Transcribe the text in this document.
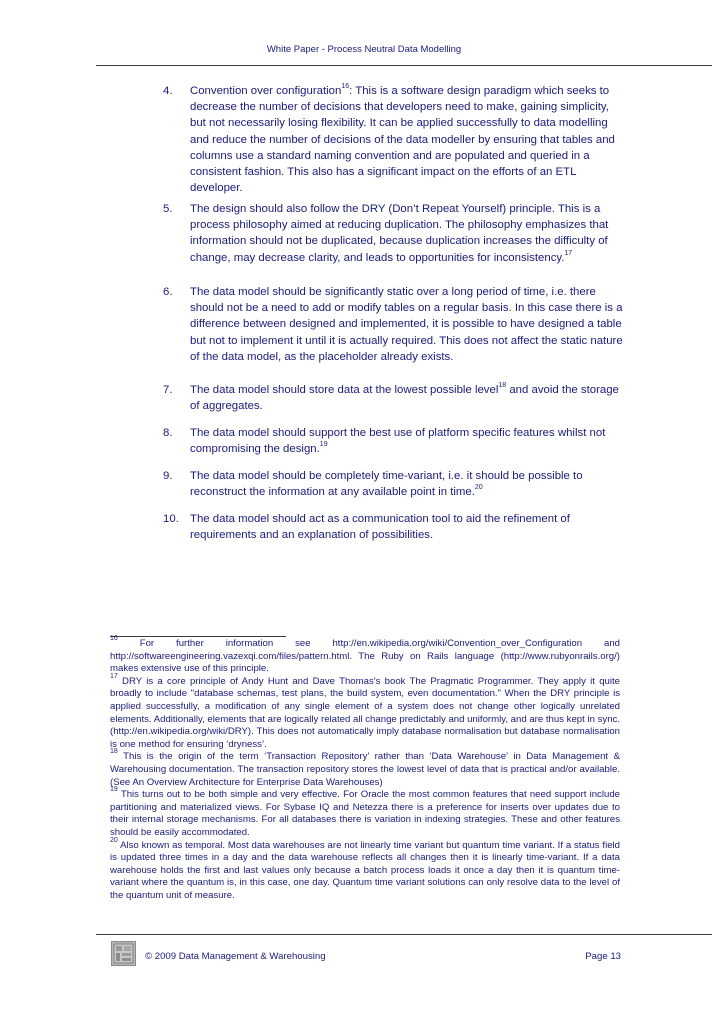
White Paper - Process Neutral Data Modelling
4.	Convention over configuration$^{16}$: This is a software design paradigm which seeks to decrease the number of decisions that developers need to make, gaining simplicity, but not necessarily losing flexibility. It can be applied successfully to data modelling and reduce the number of decisions of the data modeller by ensuring that tables and columns use a standard naming convention and are populated and queried in a consistent fashion. This also has a significant impact on the efforts of an ETL developer.
5.	The design should also follow the DRY (Don’t Repeat Yourself) principle. This is a process philosophy aimed at reducing duplication. The philosophy emphasizes that information should not be duplicated, because duplication increases the difficulty of change, may decrease clarity, and leads to opportunities for inconsistency.$^{17}$
6.	The data model should be significantly static over a long period of time, i.e. there should not be a need to add or modify tables on a regular basis. In this case there is a difference between designed and implemented, it is possible to have designed a table but not to implement it until it is actually required. This does not affect the static nature of the data model, as the placeholder already exists.
7.	The data model should store data at the lowest possible level$^{18}$ and avoid the storage of aggregates.
8.	The data model should support the best use of platform specific features whilst not compromising the design.$^{19}$
9.	The data model should be completely time-variant, i.e. it should be possible to reconstruct the information at any available point in time.$^{20}$
10. The data model should act as a communication tool to aid the refinement of requirements and an explanation of possibilities.

$^{16}$ For further information see http://en.wikipedia.org/wiki/Convention_over_Configuration and http://softwareengineering.vazexqi.com/files/pattern.html. The Ruby on Rails language (http://www.rubyonrails.org/) makes extensive use of this principle.

$^{17}$ DRY is a core principle of Andy Hunt and Dave Thomas's book The Pragmatic Programmer. They apply it quite broadly to include "database schemas, test plans, the build system, even documentation." When the DRY principle is applied successfully, a modification of any single element of a system does not change other logically unrelated elements. Additionally, elements that are logically related all change predictably and uniformly, and are thus kept in sync. (http://en.wikipedia.org/wiki/DRY). This does not automatically imply database normalisation but database normalisation is one method for ensuring ‘dryness’.

$^{18}$ This is the origin of the term ‘Transaction Repository’ rather than ‘Data Warehouse’ in Data Management & Warehousing documentation. The transaction repository stores the lowest level of data that is practical and/or available. (See An Overview Architecture for Enterprise Data Warehouses)

$^{19}$ This turns out to be both simple and very effective. For Oracle the most common features that need support include partitioning and materialized views. For Sybase IQ and Netezza there is a preference for inserts over updates due to their internal storage mechanisms. For all databases there is variation in indexing strategies. These and other features should be easily accommodated.

$^{20}$ Also known as temporal. Most data warehouses are not linearly time variant but quantum time variant. If a status field is updated three times in a day and the data warehouse reflects all changes then it is linearly time-variant. If a data warehouse holds the first and last values only because a batch process loads it once a day then it is quantum time-variant where the quantum is, in this case, one day. Quantum time variant solutions can only resolve data to the level of the quantum unit of measure.

© 2009 Data Management & Warehousing	Page 13
